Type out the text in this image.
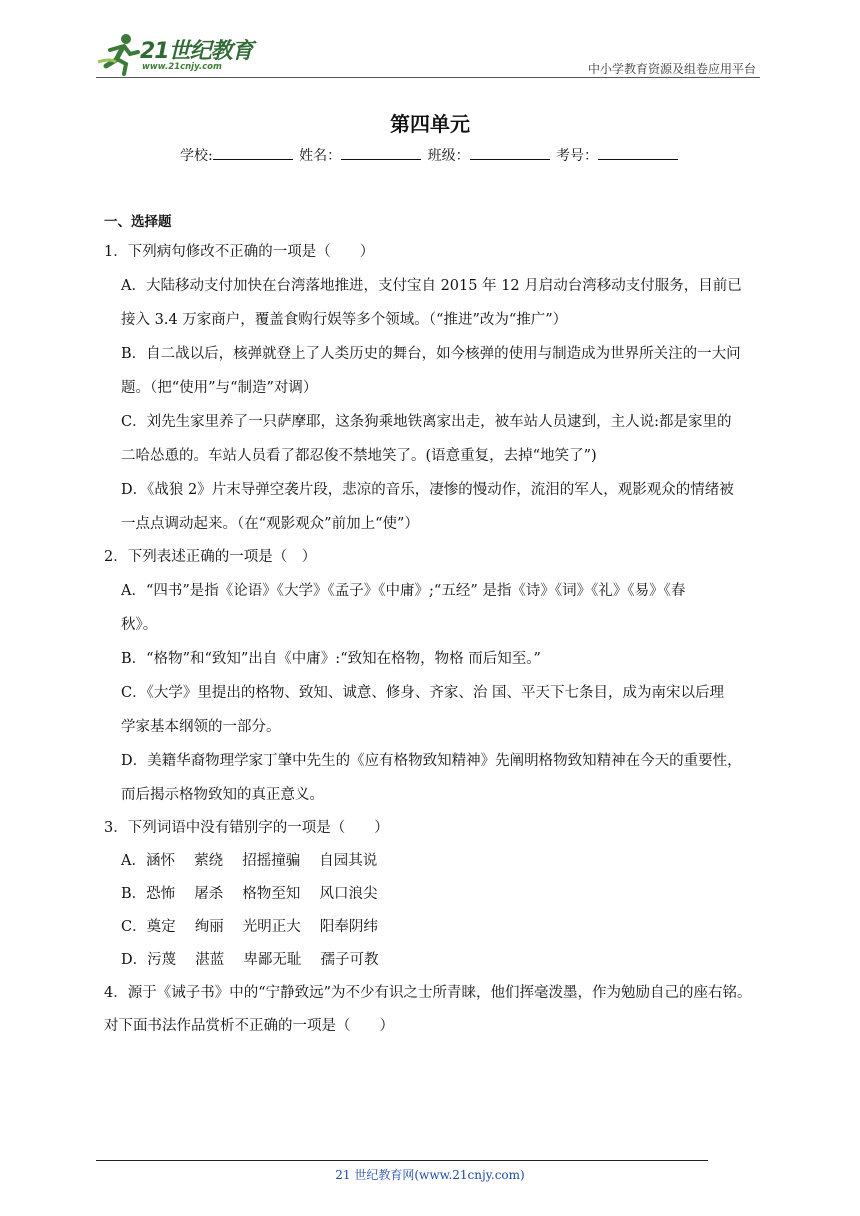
21世纪教育
www.21cnjy.com	中小学教育资源及组卷应用平台
第四单元
学校:	姓名：	班级：	考号：
一、选择题
1．下列病句修改不正确的一项是（　　）
A．大陆移动支付加快在台湾落地推进，支付宝自 2015 年 12 月启动台湾移动支付服务，目前已
接入 3.4 万家商户，覆盖食购行娱等多个领域。（“推进”改为“推广”）
B．自二战以后，核弹就登上了人类历史的舞台，如今核弹的使用与制造成为世界所关注的一大问
题。（把“使用”与“制造”对调）
C．刘先生家里养了一只萨摩耶，这条狗乘地铁离家出走，被车站人员逮到，主人说:都是家里的
二哈怂恿的。车站人员看了都忍俊不禁地笑了。(语意重复，去掉“地笑了”)
D．《战狼 2》片末导弹空袭片段，悲凉的音乐，凄惨的慢动作，流泪的军人，观影观众的情绪被
一点点调动起来。（在“观影观众”前加上“使”）
2．下列表述正确的一项是（　）
A．“四书”是指《论语》《大学》《孟子》《中庸》;“五经” 是指《诗》《词》《礼》《易》《春
秋》。
B．“格物”和“致知”出自《中庸》:“致知在格物，物格 而后知至。”
C．《大学》里提出的格物、致知、诚意、修身、齐家、治 国、平天下七条目，成为南宋以后理
学家基本纲领的一部分。
D．美籍华裔物理学家丁肇中先生的《应有格物致知精神》先阐明格物致知精神在今天的重要性，
而后揭示格物致知的真正意义。
3．下列词语中没有错别字的一项是（　　）
A．涵怀　 萦绕　 招摇撞骗　 自园其说
B．恐怖　 屠杀　 格物至知　 风口浪尖
C．奠定　 绚丽　 光明正大　 阳奉阴纬
D．污蔑　 湛蓝　 卑鄙无耻　 孺子可教
4．源于《诫子书》中的“宁静致远”为不少有识之士所青睐，他们挥毫泼墨，作为勉励自己的座右铭。
对下面书法作品赏析不正确的一项是（　　）
21 世纪教育网(www.21cnjy.com)
